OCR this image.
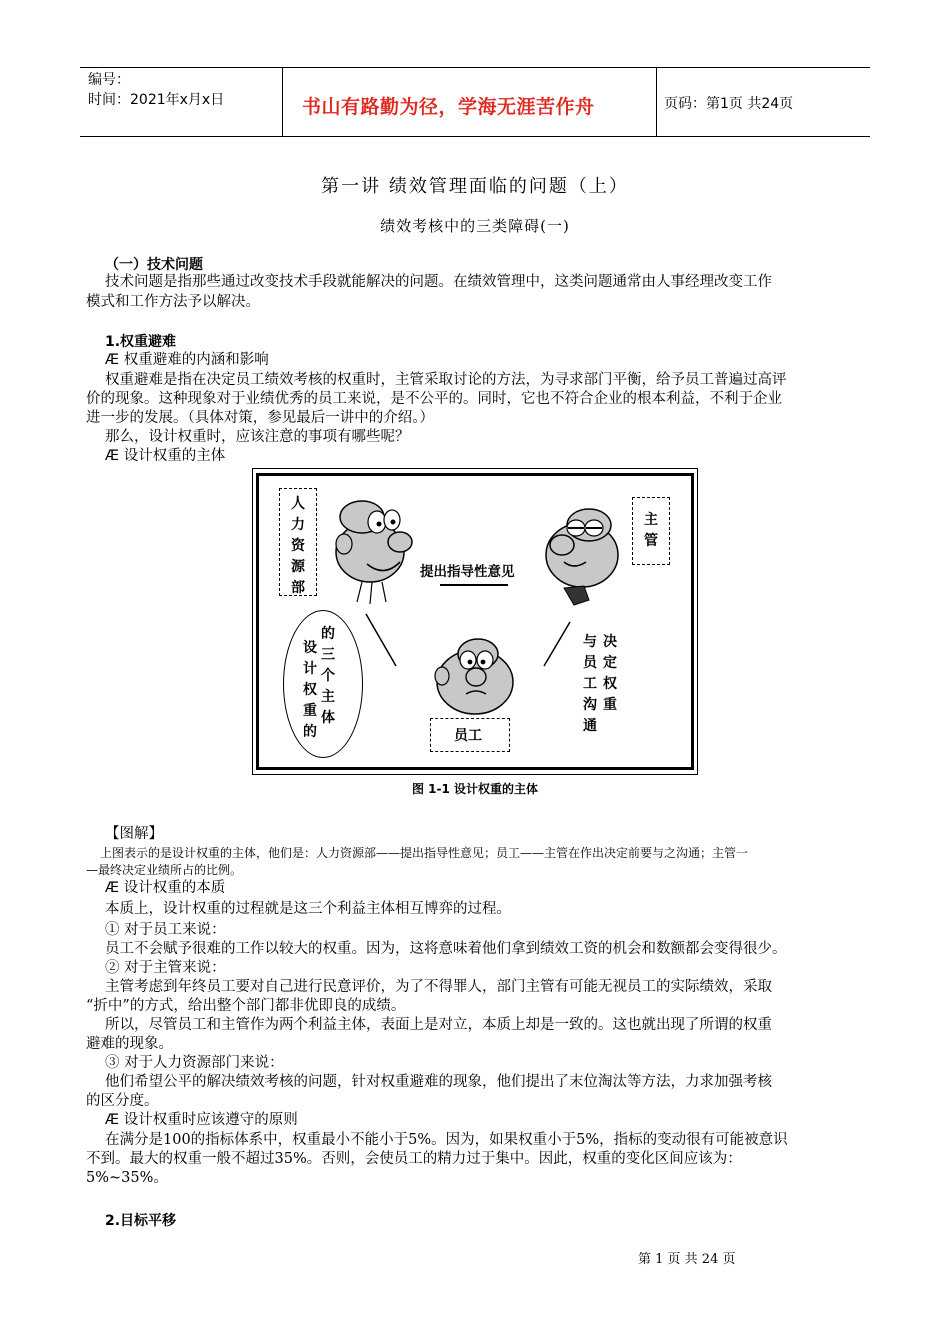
编号：
时间：2021年x月x日	书山有路勤为径，学海无涯苦作舟	页码：第1页 共24页
第一讲 绩效管理面临的问题（上）
绩效考核中的三类障碍(一)
（一）技术问题
技术问题是指那些通过改变技术手段就能解决的问题。在绩效管理中，这类问题通常由人事经理改变工作
模式和工作方法予以解决。
1.权重避难
Æ 权重避难的内涵和影响
权重避难是指在决定员工绩效考核的权重时，主管采取讨论的方法，为寻求部门平衡，给予员工普遍过高评
价的现象。这种现象对于业绩优秀的员工来说，是不公平的。同时，它也不符合企业的根本利益，不利于企业
进一步的发展。（具体对策，参见最后一讲中的介绍。）
那么，设计权重时，应该注意的事项有哪些呢？
Æ 设计权重的主体
人力资源部
主管
提出指导性意见
设计权重的
的三个主体
与员工沟通
决定权重
员工
图 1-1 设计权重的主体
【图解】
上图表示的是设计权重的主体，他们是：人力资源部——提出指导性意见；员工——主管在作出决定前要与之沟通；主管一
—最终决定业绩所占的比例。
Æ 设计权重的本质
本质上，设计权重的过程就是这三个利益主体相互博弈的过程。
① 对于员工来说：
员工不会赋予很难的工作以较大的权重。因为，这将意味着他们拿到绩效工资的机会和数额都会变得很少。
② 对于主管来说：
主管考虑到年终员工要对自己进行民意评价，为了不得罪人，部门主管有可能无视员工的实际绩效，采取
“折中”的方式，给出整个部门都非优即良的成绩。
所以，尽管员工和主管作为两个利益主体，表面上是对立，本质上却是一致的。这也就出现了所谓的权重
避难的现象。
③ 对于人力资源部门来说：
他们希望公平的解决绩效考核的问题，针对权重避难的现象，他们提出了末位淘汰等方法，力求加强考核
的区分度。
Æ 设计权重时应该遵守的原则
在满分是100的指标体系中，权重最小不能小于5%。因为，如果权重小于5%，指标的变动很有可能被意识
不到。最大的权重一般不超过35%。否则，会使员工的精力过于集中。因此，权重的变化区间应该为：
5%~35%。
2.目标平移
第 1 页 共 24 页
